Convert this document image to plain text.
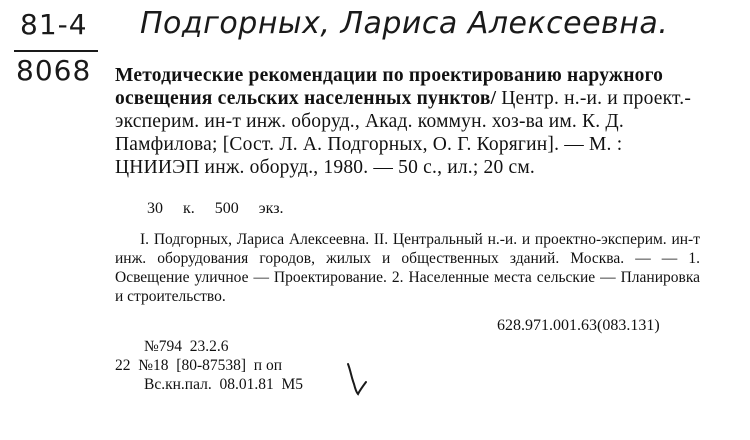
81-4
8068
Подгорных, Лариса Алексеевна.
Методические рекомендации по проектированию наружного освещения сельских населенных пунктов/ Центр. н.-и. и проект.-эксперим. ин-т инж. оборуд., Акад. коммун. хоз-ва им. К. Д. Памфилова; [Сост. Л. А. Подгорных, О. Г. Корягин]. — М. : ЦНИИЭП инж. оборуд., 1980. — 50 с., ил.; 20 см.
30 к. 500 экз.
I. Подгорных, Лариса Алексеевна. II. Центральный н.-и. и проектно-эксперим. ин-т инж. оборудования городов, жилых и общественных зданий. Москва. — — 1. Освещение уличное — Проектирование. 2. Населенные места сельские — Планировка и строительство.
628.971.001.63(083.131)
№794  23.2.6
22 №18  [80-87538]  п оп
Вс.кн.пал.  08.01.81  М5
